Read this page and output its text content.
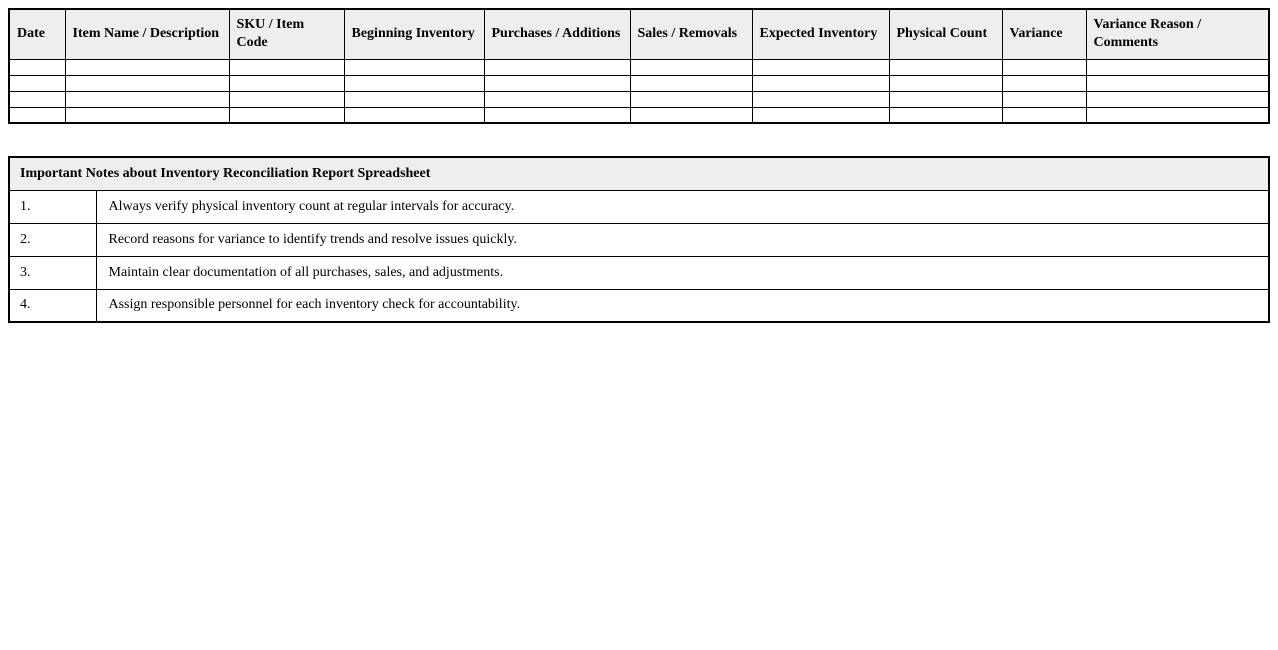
Date	Item Name / Description	SKU / Item Code	Beginning Inventory	Purchases / Additions	Sales / Removals	Expected Inventory	Physical Count	Variance	Variance Reason / Comments

Important Notes about Inventory Reconciliation Report Spreadsheet	
1.	Always verify physical inventory count at regular intervals for accuracy.
2.	Record reasons for variance to identify trends and resolve issues quickly.
3.	Maintain clear documentation of all purchases, sales, and adjustments.
4.	Assign responsible personnel for each inventory check for accountability.
